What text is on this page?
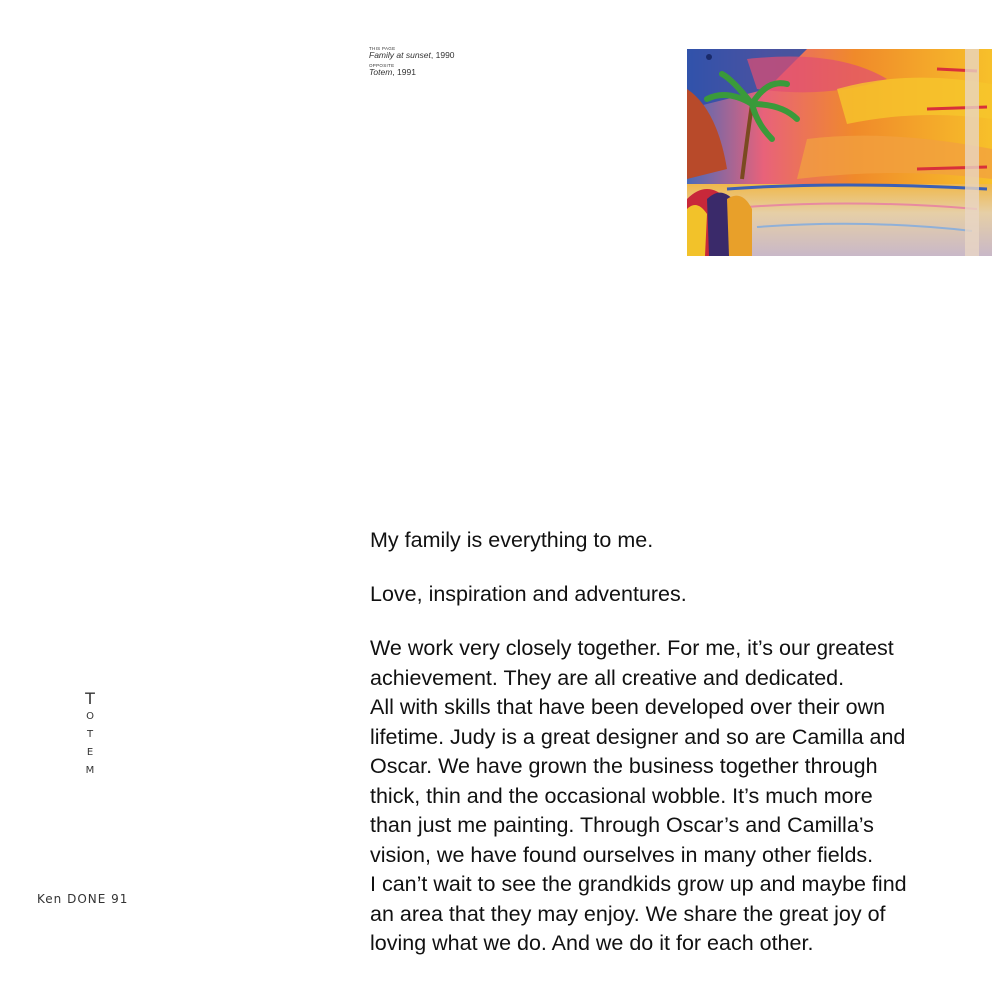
THIS PAGE
Family at sunset, 1990
OPPOSITE
Totem, 1991

My family is everything to me.

Love, inspiration and adventures.

We work very closely together. For me, it’s our greatest
achievement. They are all creative and dedicated.
All with skills that have been developed over their own
lifetime. Judy is a great designer and so are Camilla and
Oscar. We have grown the business together through
thick, thin and the occasional wobble. It’s much more
than just me painting. Through Oscar’s and Camilla’s
vision, we have found ourselves in many other fields.
I can’t wait to see the grandkids grow up and maybe find
an area that they may enjoy. We share the great joy of
loving what we do. And we do it for each other.

T
O
T
E
M
Ken DONE 91
